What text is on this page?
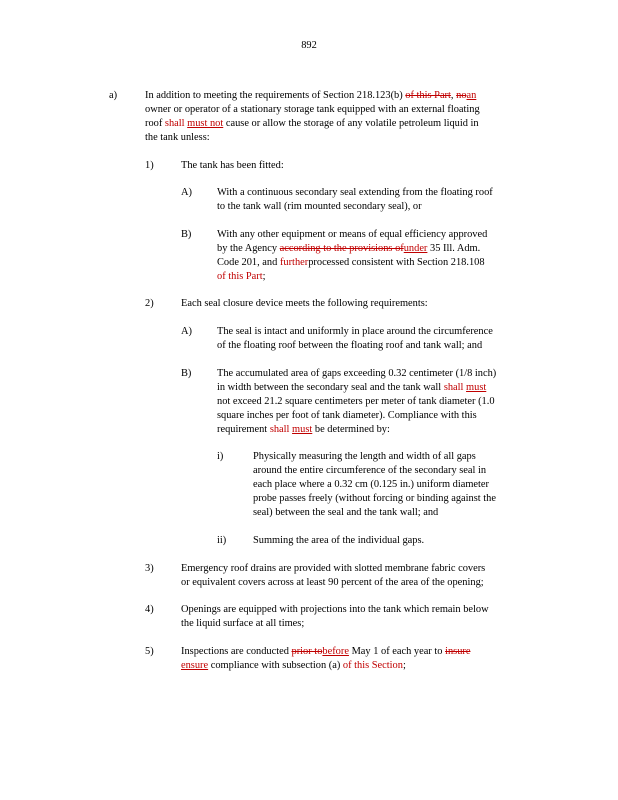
892
a)	In addition to meeting the requirements of Section 218.123(b) of this Part, noan
owner or operator of a stationary storage tank equipped with an external floating
roof shall must not cause or allow the storage of any volatile petroleum liquid in
the tank unless:
1)	The tank has been fitted:
A) With a continuous secondary seal extending from the floating roof
to the tank wall (rim mounted secondary seal), or
B) With any other equipment or means of equal efficiency approved
by the Agency according to the provisions ofunder 35 Ill. Adm.
Code 201, and furtherprocessed consistent with Section 218.108
of this Part;
2)	Each seal closure device meets the following requirements:
A) The seal is intact and uniformly in place around the circumference
of the floating roof between the floating roof and tank wall; and
B) The accumulated area of gaps exceeding 0.32 centimeter (1/8 inch)
in width between the secondary seal and the tank wall shall must
not exceed 21.2 square centimeters per meter of tank diameter (1.0
square inches per foot of tank diameter). Compliance with this
requirement shall must be determined by:
i)	Physically measuring the length and width of all gaps
around the entire circumference of the secondary seal in
each place where a 0.32 cm (0.125 in.) uniform diameter
probe passes freely (without forcing or binding against the
seal) between the seal and the tank wall; and
ii)	Summing the area of the individual gaps.
3)	Emergency roof drains are provided with slotted membrane fabric covers
or equivalent covers across at least 90 percent of the area of the opening;
4)	Openings are equipped with projections into the tank which remain below
the liquid surface at all times;
5)	Inspections are conducted prior tobefore May 1 of each year to insure
ensure compliance with subsection (a) of this Section;
